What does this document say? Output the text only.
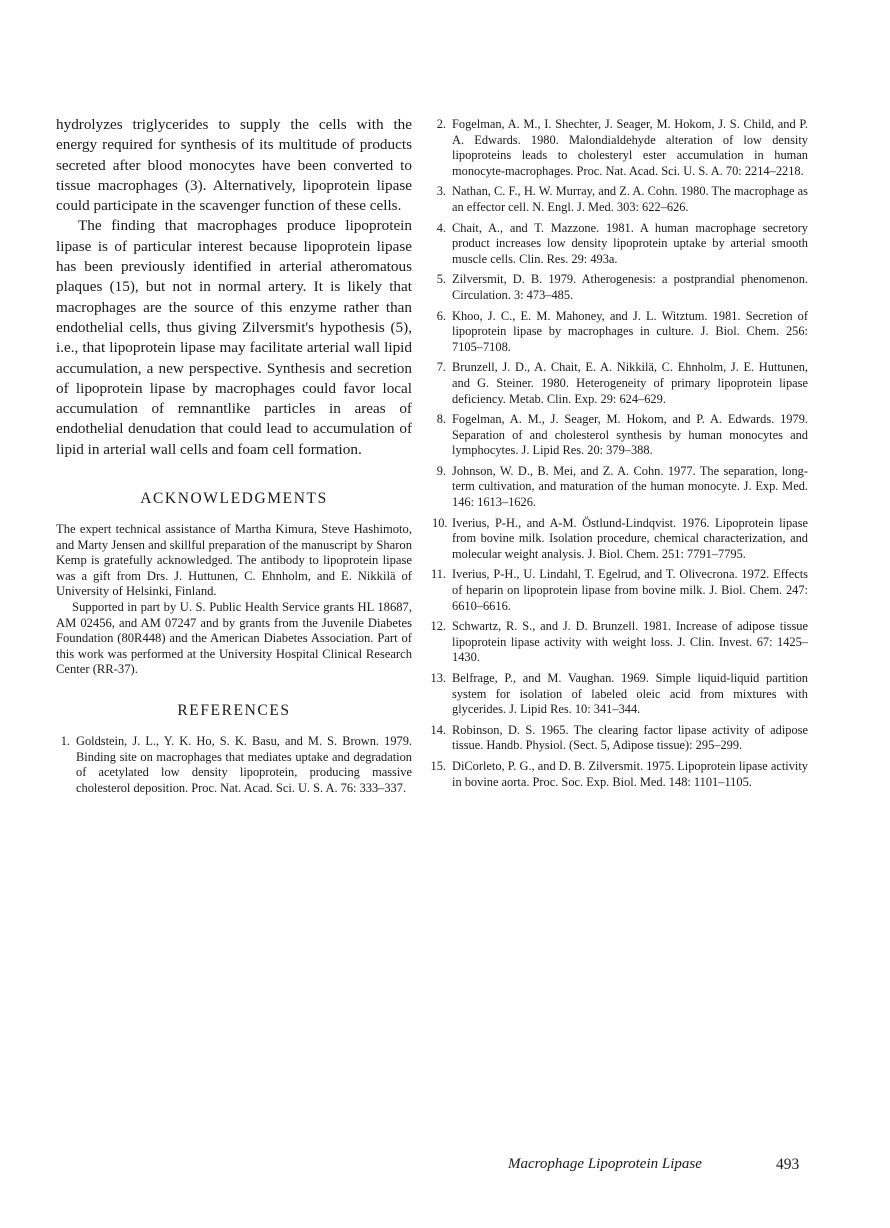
hydrolyzes triglycerides to supply the cells with the energy required for synthesis of its multitude of products secreted after blood monocytes have been converted to tissue macrophages (3). Alternatively, lipoprotein lipase could participate in the scavenger function of these cells.

The finding that macrophages produce lipoprotein lipase is of particular interest because lipoprotein lipase has been previously identified in arterial atheromatous plaques (15), but not in normal artery. It is likely that macrophages are the source of this enzyme rather than endothelial cells, thus giving Zilversmit's hypothesis (5), i.e., that lipoprotein lipase may facilitate arterial wall lipid accumulation, a new perspective. Synthesis and secretion of lipoprotein lipase by macrophages could favor local accumulation of remnantlike particles in areas of endothelial denudation that could lead to accumulation of lipid in arterial wall cells and foam cell formation.

ACKNOWLEDGMENTS

The expert technical assistance of Martha Kimura, Steve Hashimoto, and Marty Jensen and skillful preparation of the manuscript by Sharon Kemp is gratefully acknowledged. The antibody to lipoprotein lipase was a gift from Drs. J. Huttunen, C. Ehnholm, and E. Nikkilä of University of Helsinki, Finland.

Supported in part by U. S. Public Health Service grants HL 18687, AM 02456, and AM 07247 and by grants from the Juvenile Diabetes Foundation (80R448) and the American Diabetes Association. Part of this work was performed at the University Hospital Clinical Research Center (RR-37).

REFERENCES
1. Goldstein, J. L., Y. K. Ho, S. K. Basu, and M. S. Brown. 1979. Binding site on macrophages that mediates uptake and degradation of acetylated low density lipoprotein, producing massive cholesterol deposition. Proc. Nat. Acad. Sci. U. S. A. 76: 333–337.
2. Fogelman, A. M., I. Shechter, J. Seager, M. Hokom, J. S. Child, and P. A. Edwards. 1980. Malondialdehyde alteration of low density lipoproteins leads to cholesteryl ester accumulation in human monocyte-macrophages. Proc. Nat. Acad. Sci. U. S. A. 70: 2214–2218.
3. Nathan, C. F., H. W. Murray, and Z. A. Cohn. 1980. The macrophage as an effector cell. N. Engl. J. Med. 303: 622–626.
4. Chait, A., and T. Mazzone. 1981. A human macrophage secretory product increases low density lipoprotein uptake by arterial smooth muscle cells. Clin. Res. 29: 493a.
5. Zilversmit, D. B. 1979. Atherogenesis: a postprandial phenomenon. Circulation. 3: 473–485.
6. Khoo, J. C., E. M. Mahoney, and J. L. Witztum. 1981. Secretion of lipoprotein lipase by macrophages in culture. J. Biol. Chem. 256: 7105–7108.
7. Brunzell, J. D., A. Chait, E. A. Nikkilä, C. Ehnholm, J. E. Huttunen, and G. Steiner. 1980. Heterogeneity of primary lipoprotein lipase deficiency. Metab. Clin. Exp. 29: 624–629.
8. Fogelman, A. M., J. Seager, M. Hokom, and P. A. Edwards. 1979. Separation of and cholesterol synthesis by human monocytes and lymphocytes. J. Lipid Res. 20: 379–388.
9. Johnson, W. D., B. Mei, and Z. A. Cohn. 1977. The separation, long-term cultivation, and maturation of the human monocyte. J. Exp. Med. 146: 1613–1626.
10. Iverius, P-H., and A-M. Östlund-Lindqvist. 1976. Lipoprotein lipase from bovine milk. Isolation procedure, chemical characterization, and molecular weight analysis. J. Biol. Chem. 251: 7791–7795.
11. Iverius, P-H., U. Lindahl, T. Egelrud, and T. Olivecrona. 1972. Effects of heparin on lipoprotein lipase from bovine milk. J. Biol. Chem. 247: 6610–6616.
12. Schwartz, R. S., and J. D. Brunzell. 1981. Increase of adipose tissue lipoprotein lipase activity with weight loss. J. Clin. Invest. 67: 1425–1430.
13. Belfrage, P., and M. Vaughan. 1969. Simple liquid-liquid partition system for isolation of labeled oleic acid from mixtures with glycerides. J. Lipid Res. 10: 341–344.
14. Robinson, D. S. 1965. The clearing factor lipase activity of adipose tissue. Handb. Physiol. (Sect. 5, Adipose tissue): 295–299.
15. DiCorleto, P. G., and D. B. Zilversmit. 1975. Lipoprotein lipase activity in bovine aorta. Proc. Soc. Exp. Biol. Med. 148: 1101–1105.
Macrophage Lipoprotein Lipase	493
